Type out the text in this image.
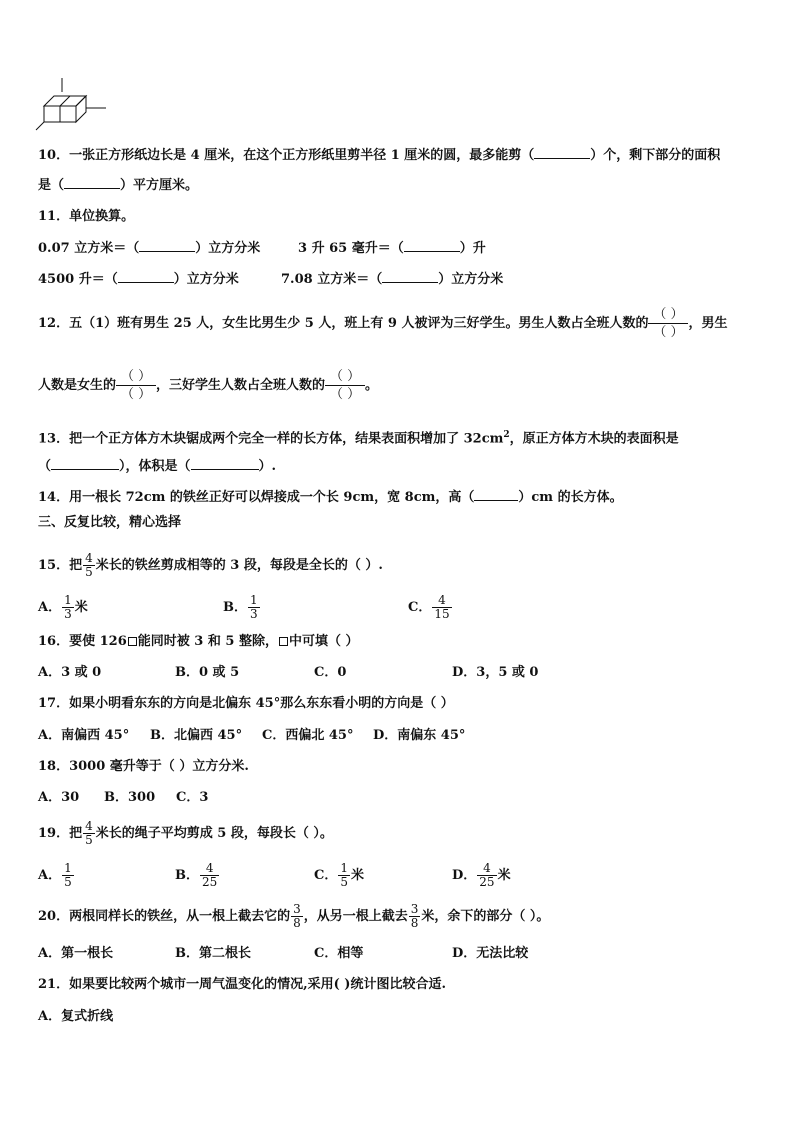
10．一张正方形纸边长是 4 厘米，在这个正方形纸里剪半径 1 厘米的圆，最多能剪（	）个，剩下部分的面积
是（	）平方厘米。
11．单位换算。
0.07 立方米＝（	）立方分米	3 升 65 毫升＝（	）升
4500 升＝（	）立方分米	7.08 立方米＝（	）立方分米
12．五（1）班有男生 25 人，女生比男生少 5 人，班上有 9 人被评为三好学生。男生人数占全班人数的
（ ）
（ ）
，男生
人数是女生的
（ ）
（ ）
，三好学生人数占全班人数的
（ ）
（ ）
。
13．把一个正方体方木块锯成两个完全一样的长方体，结果表面积增加了 $32cm^2$，原正方体方木块的表面积是
（	），体积是（	）.
14．用一根长 72cm 的铁丝正好可以焊接成一个长 9cm，宽 8cm，高（	）cm 的长方体。
三、反复比较，精心选择
15．把 $\frac{4}{5}$ 米长的铁丝剪成相等的 3 段，每段是全长的（ ）.
A． $\frac{1}{3}$ 米	B． $\frac{1}{3}$	C． $\frac{4}{15}$
16．要使 126 能同时被 3 和 5 整除， 中可填（ ）
A．3 或 0	B．0 或 5	C．0	D．3，5 或 0
17．如果小明看东东的方向是北偏东 45°那么东东看小明的方向是（ ）
A．南偏西 45° B．北偏西 45° C．西偏北 45° D．南偏东 45°
18．3000 毫升等于（ ）立方分米.
A．30 B．300 C．3
19．把 $\frac{4}{5}$ 米长的绳子平均剪成 5 段，每段长（ ）。
A． $\frac{1}{5}$	B． $\frac{4}{25}$	C． $\frac{1}{5}$ 米	D． $\frac{4}{25}$ 米
20．两根同样长的铁丝，从一根上截去它的 $\frac{3}{8}$ ，从另一根上截去 $\frac{3}{8}$ 米，余下的部分（ ）。
A．第一根长	B．第二根长	C．相等	D．无法比较
21．如果要比较两个城市一周气温变化的情况,采用( )统计图比较合适.
A．复式折线
